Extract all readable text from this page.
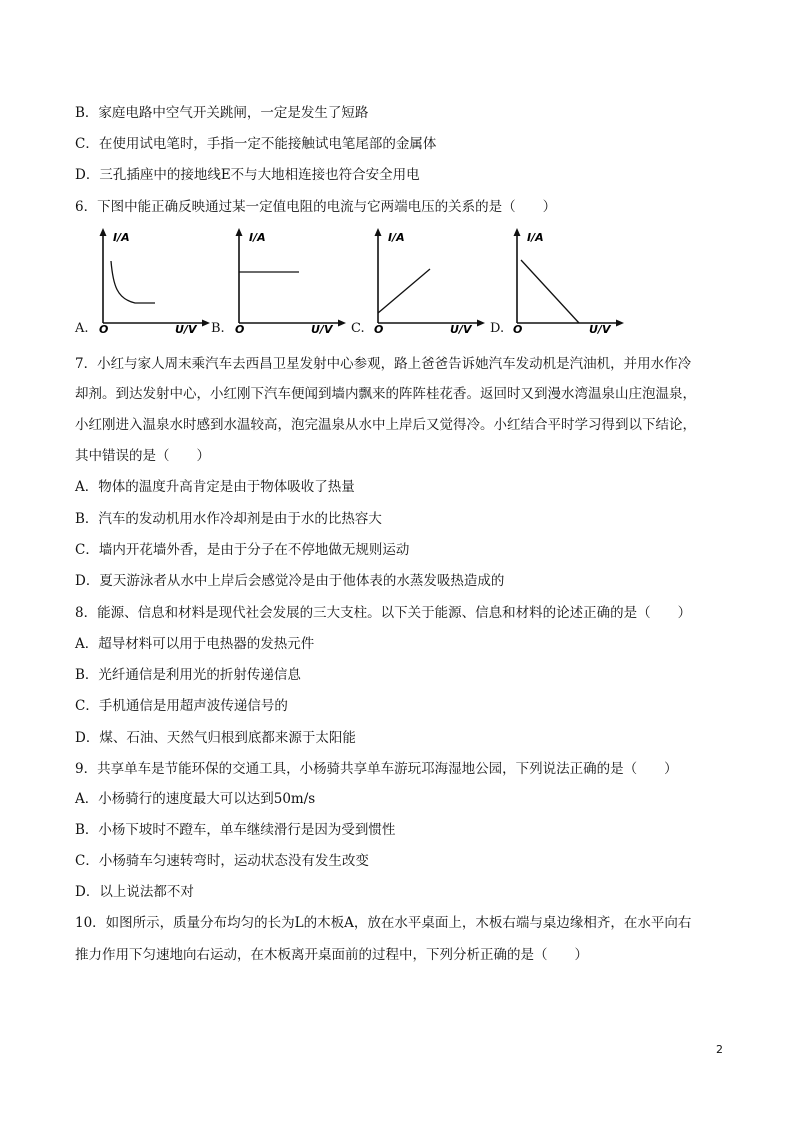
B．家庭电路中空气开关跳闸，一定是发生了短路
C．在使用试电笔时，手指一定不能接触试电笔尾部的金属体
D．三孔插座中的接地线E不与大地相连接也符合安全用电
6．下图中能正确反映通过某一定值电阻的电流与它两端电压的关系的是（　　）
7．小红与家人周末乘汽车去西昌卫星发射中心参观，路上爸爸告诉她汽车发动机是汽油机，并用水作冷
却剂。到达发射中心，小红刚下汽车便闻到墙内飘来的阵阵桂花香。返回时又到漫水湾温泉山庄泡温泉，
小红刚进入温泉水时感到水温较高，泡完温泉从水中上岸后又觉得冷。小红结合平时学习得到以下结论，
其中错误的是（　　）
A．物体的温度升高肯定是由于物体吸收了热量
B．汽车的发动机用水作冷却剂是由于水的比热容大
C．墙内开花墙外香，是由于分子在不停地做无规则运动
D．夏天游泳者从水中上岸后会感觉冷是由于他体表的水蒸发吸热造成的
8．能源、信息和材料是现代社会发展的三大支柱。以下关于能源、信息和材料的论述正确的是（　　）
A．超导材料可以用于电热器的发热元件
B．光纤通信是利用光的折射传递信息
C．手机通信是用超声波传递信号的
D．煤、石油、天然气归根到底都来源于太阳能
9．共享单车是节能环保的交通工具，小杨骑共享单车游玩邛海湿地公园，下列说法正确的是（　　）
A．小杨骑行的速度最大可以达到50m/s
B．小杨下坡时不蹬车，单车继续滑行是因为受到惯性
C．小杨骑车匀速转弯时，运动状态没有发生改变
D．以上说法都不对
10．如图所示，质量分布均匀的长为L的木板A，放在水平桌面上，木板右端与桌边缘相齐，在水平向右
推力作用下匀速地向右运动，在木板离开桌面前的过程中，下列分析正确的是（　　）
A.
I/A
O	U/V B.
I/A
O	U/V C.
I/A
O	U/V D.
I/A
O	U/V
2
